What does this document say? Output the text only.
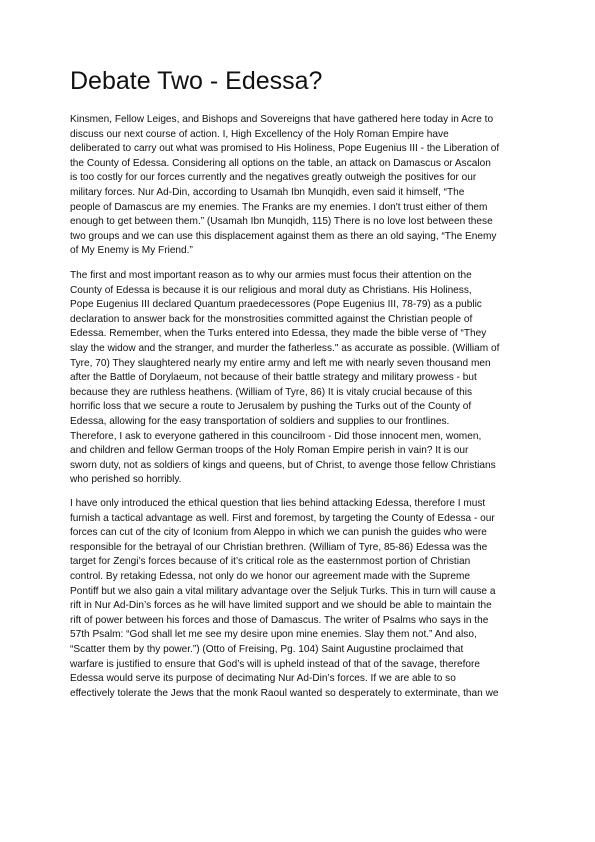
Debate Two - Edessa?
Kinsmen, Fellow Leiges, and Bishops and Sovereigns that have gathered here today in Acre to
discuss our next course of action. I, High Excellency of the Holy Roman Empire have
deliberated to carry out what was promised to His Holiness, Pope Eugenius III - the Liberation of
the County of Edessa. Considering all options on the table, an attack on Damascus or Ascalon
is too costly for our forces currently and the negatives greatly outweigh the positives for our
military forces. Nur Ad-Din, according to Usamah Ibn Munqidh, even said it himself, “The
people of Damascus are my enemies. The Franks are my enemies. I don't trust either of them
enough to get between them.” (Usamah Ibn Munqidh, 115) There is no love lost between these
two groups and we can use this displacement against them as there an old saying, “The Enemy
of My Enemy is My Friend.”
The first and most important reason as to why our armies must focus their attention on the
County of Edessa is because it is our religious and moral duty as Christians. His Holiness,
Pope Eugenius III declared Quantum praedecessores (Pope Eugenius III, 78-79) as a public
declaration to answer back for the monstrosities committed against the Christian people of
Edessa. Remember, when the Turks entered into Edessa, they made the bible verse of “They
slay the widow and the stranger, and murder the fatherless." as accurate as possible. (William of
Tyre, 70) They slaughtered nearly my entire army and left me with nearly seven thousand men
after the Battle of Dorylaeum, not because of their battle strategy and military prowess - but
because they are ruthless heathens. (William of Tyre, 86) It is vitaly crucial because of this
horrific loss that we secure a route to Jerusalem by pushing the Turks out of the County of
Edessa, allowing for the easy transportation of soldiers and supplies to our frontlines.
Therefore, I ask to everyone gathered in this councilroom - Did those innocent men, women,
and children and fellow German troops of the Holy Roman Empire perish in vain? It is our
sworn duty, not as soldiers of kings and queens, but of Christ, to avenge those fellow Christians
who perished so horribly.
I have only introduced the ethical question that lies behind attacking Edessa, therefore I must
furnish a tactical advantage as well. First and foremost, by targeting the County of Edessa - our
forces can cut of the city of Iconium from Aleppo in which we can punish the guides who were
responsible for the betrayal of our Christian brethren. (William of Tyre, 85-86) Edessa was the
target for Zengi’s forces because of it’s critical role as the easternmost portion of Christian
control. By retaking Edessa, not only do we honor our agreement made with the Supreme
Pontiff but we also gain a vital military advantage over the Seljuk Turks. This in turn will cause a
rift in Nur Ad-Din’s forces as he will have limited support and we should be able to maintain the
rift of power between his forces and those of Damascus. The writer of Psalms who says in the
57th Psalm: “God shall let me see my desire upon mine enemies. Slay them not.” And also,
“Scatter them by thy power.”) (Otto of Freising, Pg. 104) Saint Augustine proclaimed that
warfare is justified to ensure that God’s will is upheld instead of that of the savage, therefore
Edessa would serve its purpose of decimating Nur Ad-Din’s forces. If we are able to so
effectively tolerate the Jews that the monk Raoul wanted so desperately to exterminate, than we
